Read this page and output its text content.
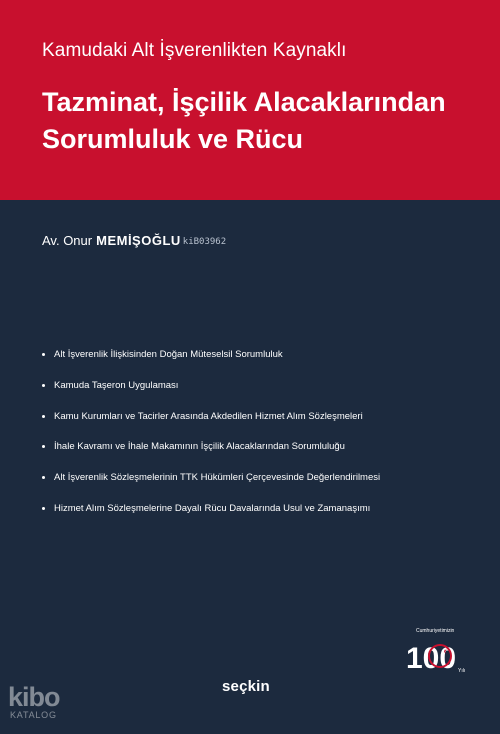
Kamudaki Alt İşverenlikten Kaynaklı
Tazminat, İşçilik Alacaklarından
Sorumluluk ve Rücu
Av. Onur MEMİŞOĞLU kiB03962
Alt İşverenlik İlişkisinden Doğan Müteselsil Sorumluluk
Kamuda Taşeron Uygulaması
Kamu Kurumları ve Tacirler Arasında Akdedilen Hizmet Alım Sözleşmeleri
İhale Kavramı ve İhale Makamının İşçilik Alacaklarından Sorumluluğu
Alt İşverenlik Sözleşmelerinin TTK Hükümleri Çerçevesinde Değerlendirilmesi
Hizmet Alım Sözleşmelerine Dayalı Rücu Davalarında Usul ve Zamanaşımı
Cumhuriyetimizin
100 Yılı
seçkin
kibo
KATALOG
